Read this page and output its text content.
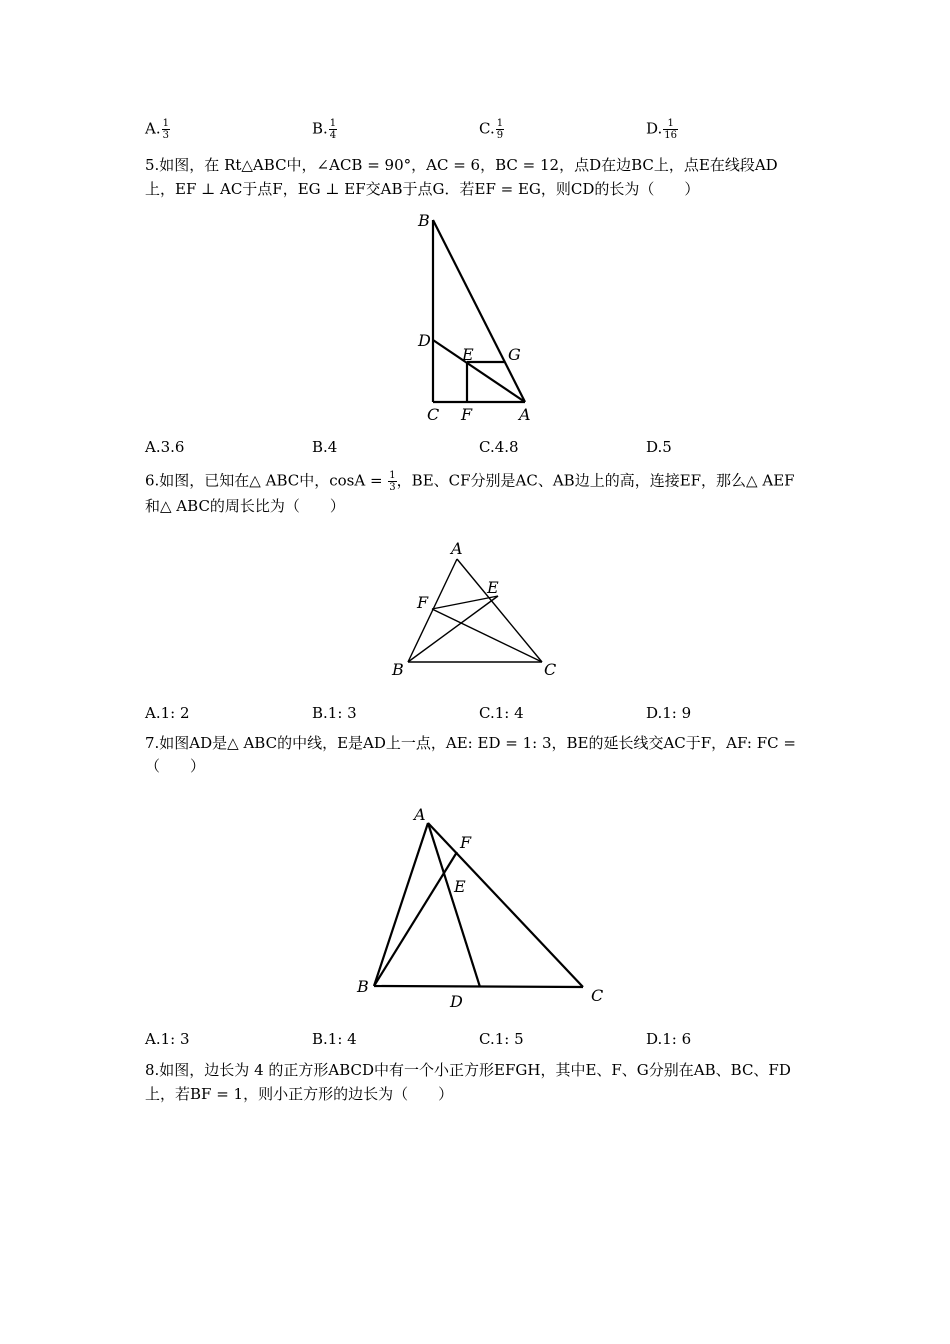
A. $\frac{1}{3}$	B. $\frac{1}{4}$	C. $\frac{1}{9}$	D. $\frac{1}{16}$
5.如图，在 Rt△ABC中，∠ACB = 90°，AC = 6，BC = 12，点D在边BC上，点E在线段AD
上，EF ⊥ AC于点F，EG ⊥ EF交AB于点G．若EF = EG，则CD的长为（　　）
B
D
E G
C F	A
A.3.6	B.4	C.4.8	D.5
6.如图，已知在△ ABC中，$\cos A = \frac{1}{3}$ ，BE、CF分别是AC、AB边上的高，连接EF，那么△ AEF
和△ ABC的周长比为（　　）
A
E
F
B	C
A.1: 2	B.1: 3	C.1: 4	D.1: 9
7.如图AD是△ ABC的中线，E是AD上一点，AE: ED = 1: 3，BE的延长线交AC于F，AF: FC =
（　　）
A
F
E
B
D	C
A.1: 3	B.1: 4	C.1: 5	D.1: 6
8.如图，边长为 4 的正方形ABCD中有一个小正方形EFGH，其中E、F、G分别在AB、BC、FD
上，若BF = 1，则小正方形的边长为（　　）
